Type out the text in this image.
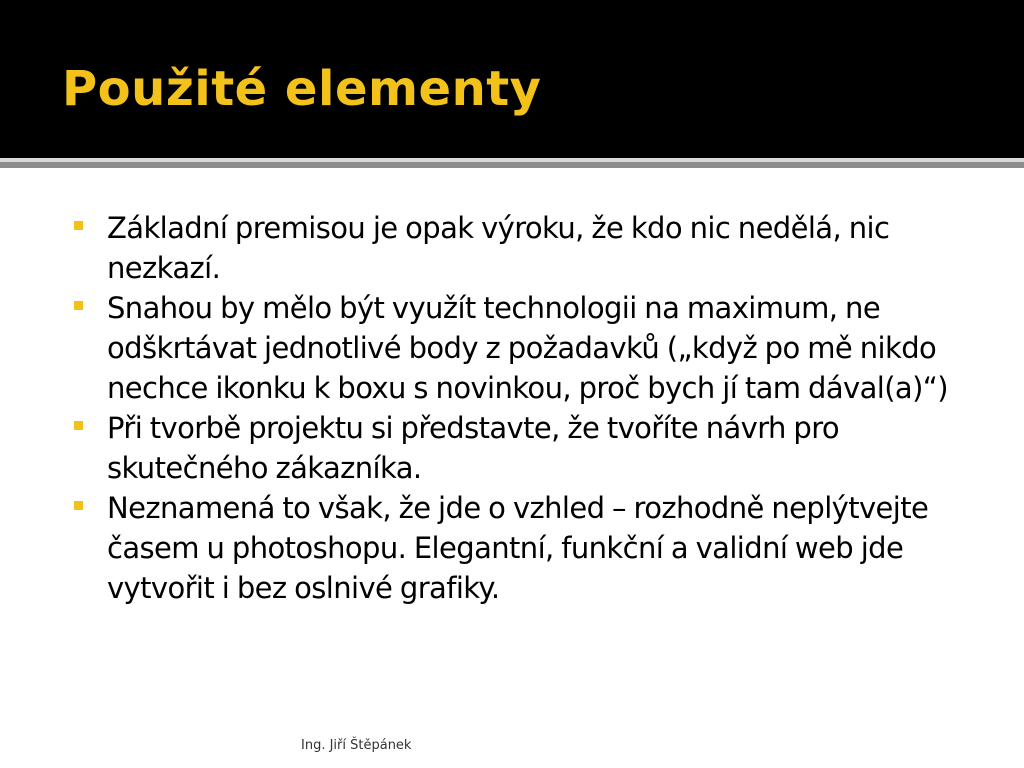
Použité elementy
Základní premisou je opak výroku, že kdo nic nedělá, nic nezkazí.
Snahou by mělo být využít technologii na maximum, ne odškrtávat jednotlivé body z požadavků („když po mě nikdo nechce ikonku k boxu s novinkou, proč bych jí tam dával(a)“)
Při tvorbě projektu si představte, že tvoříte návrh pro skutečného zákazníka.
Neznamená to však, že jde o vzhled – rozhodně neplýtvejte časem u photoshopu. Elegantní, funkční a validní web jde vytvořit i bez oslnivé grafiky.
Ing. Jiří Štěpánek
